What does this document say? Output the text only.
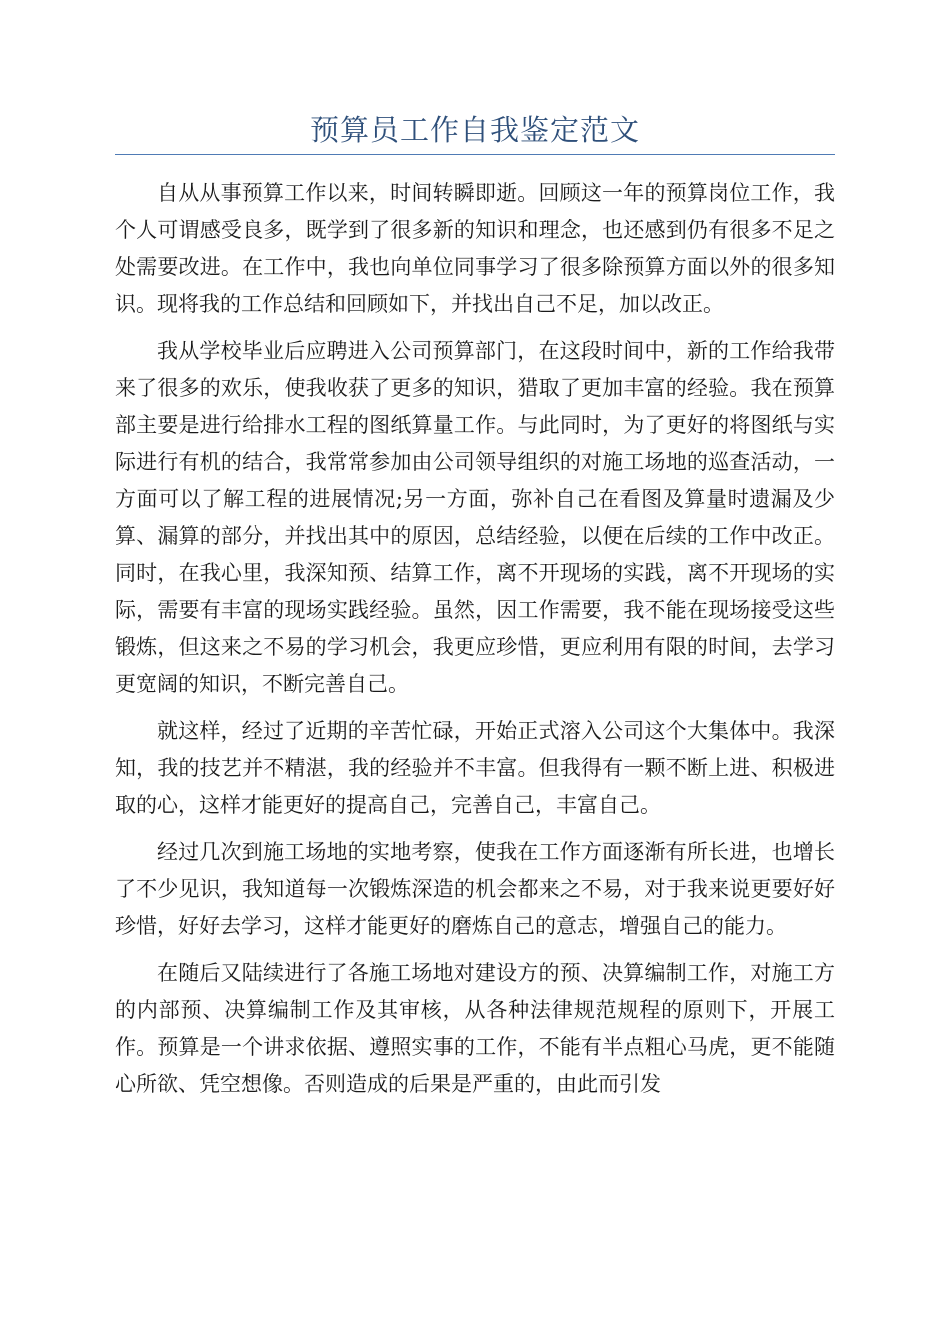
预算员工作自我鉴定范文

自从从事预算工作以来，时间转瞬即逝。回顾这一年的预算岗位工作，我个人可谓感受良多，既学到了很多新的知识和理念，也还感到仍有很多不足之处需要改进。在工作中，我也向单位同事学习了很多除预算方面以外的很多知识。现将我的工作总结和回顾如下，并找出自己不足，加以改正。

我从学校毕业后应聘进入公司预算部门，在这段时间中，新的工作给我带来了很多的欢乐，使我收获了更多的知识，猎取了更加丰富的经验。我在预算部主要是进行给排水工程的图纸算量工作。与此同时，为了更好的将图纸与实际进行有机的结合，我常常参加由公司领导组织的对施工场地的巡查活动，一方面可以了解工程的进展情况;另一方面，弥补自己在看图及算量时遗漏及少算、漏算的部分，并找出其中的原因，总结经验，以便在后续的工作中改正。同时，在我心里，我深知预、结算工作，离不开现场的实践，离不开现场的实际，需要有丰富的现场实践经验。虽然，因工作需要，我不能在现场接受这些锻炼，但这来之不易的学习机会，我更应珍惜，更应利用有限的时间，去学习更宽阔的知识，不断完善自己。

就这样，经过了近期的辛苦忙碌，开始正式溶入公司这个大集体中。我深知，我的技艺并不精湛，我的经验并不丰富。但我得有一颗不断上进、积极进取的心，这样才能更好的提高自己，完善自己，丰富自己。

经过几次到施工场地的实地考察，使我在工作方面逐渐有所长进，也增长了不少见识，我知道每一次锻炼深造的机会都来之不易，对于我来说更要好好珍惜，好好去学习，这样才能更好的磨炼自己的意志，增强自己的能力。

在随后又陆续进行了各施工场地对建设方的预、决算编制工作，对施工方的内部预、决算编制工作及其审核，从各种法律规范规程的原则下，开展工作。预算是一个讲求依据、遵照实事的工作，不能有半点粗心马虎，更不能随心所欲、凭空想像。否则造成的后果是严重的，由此而引发
